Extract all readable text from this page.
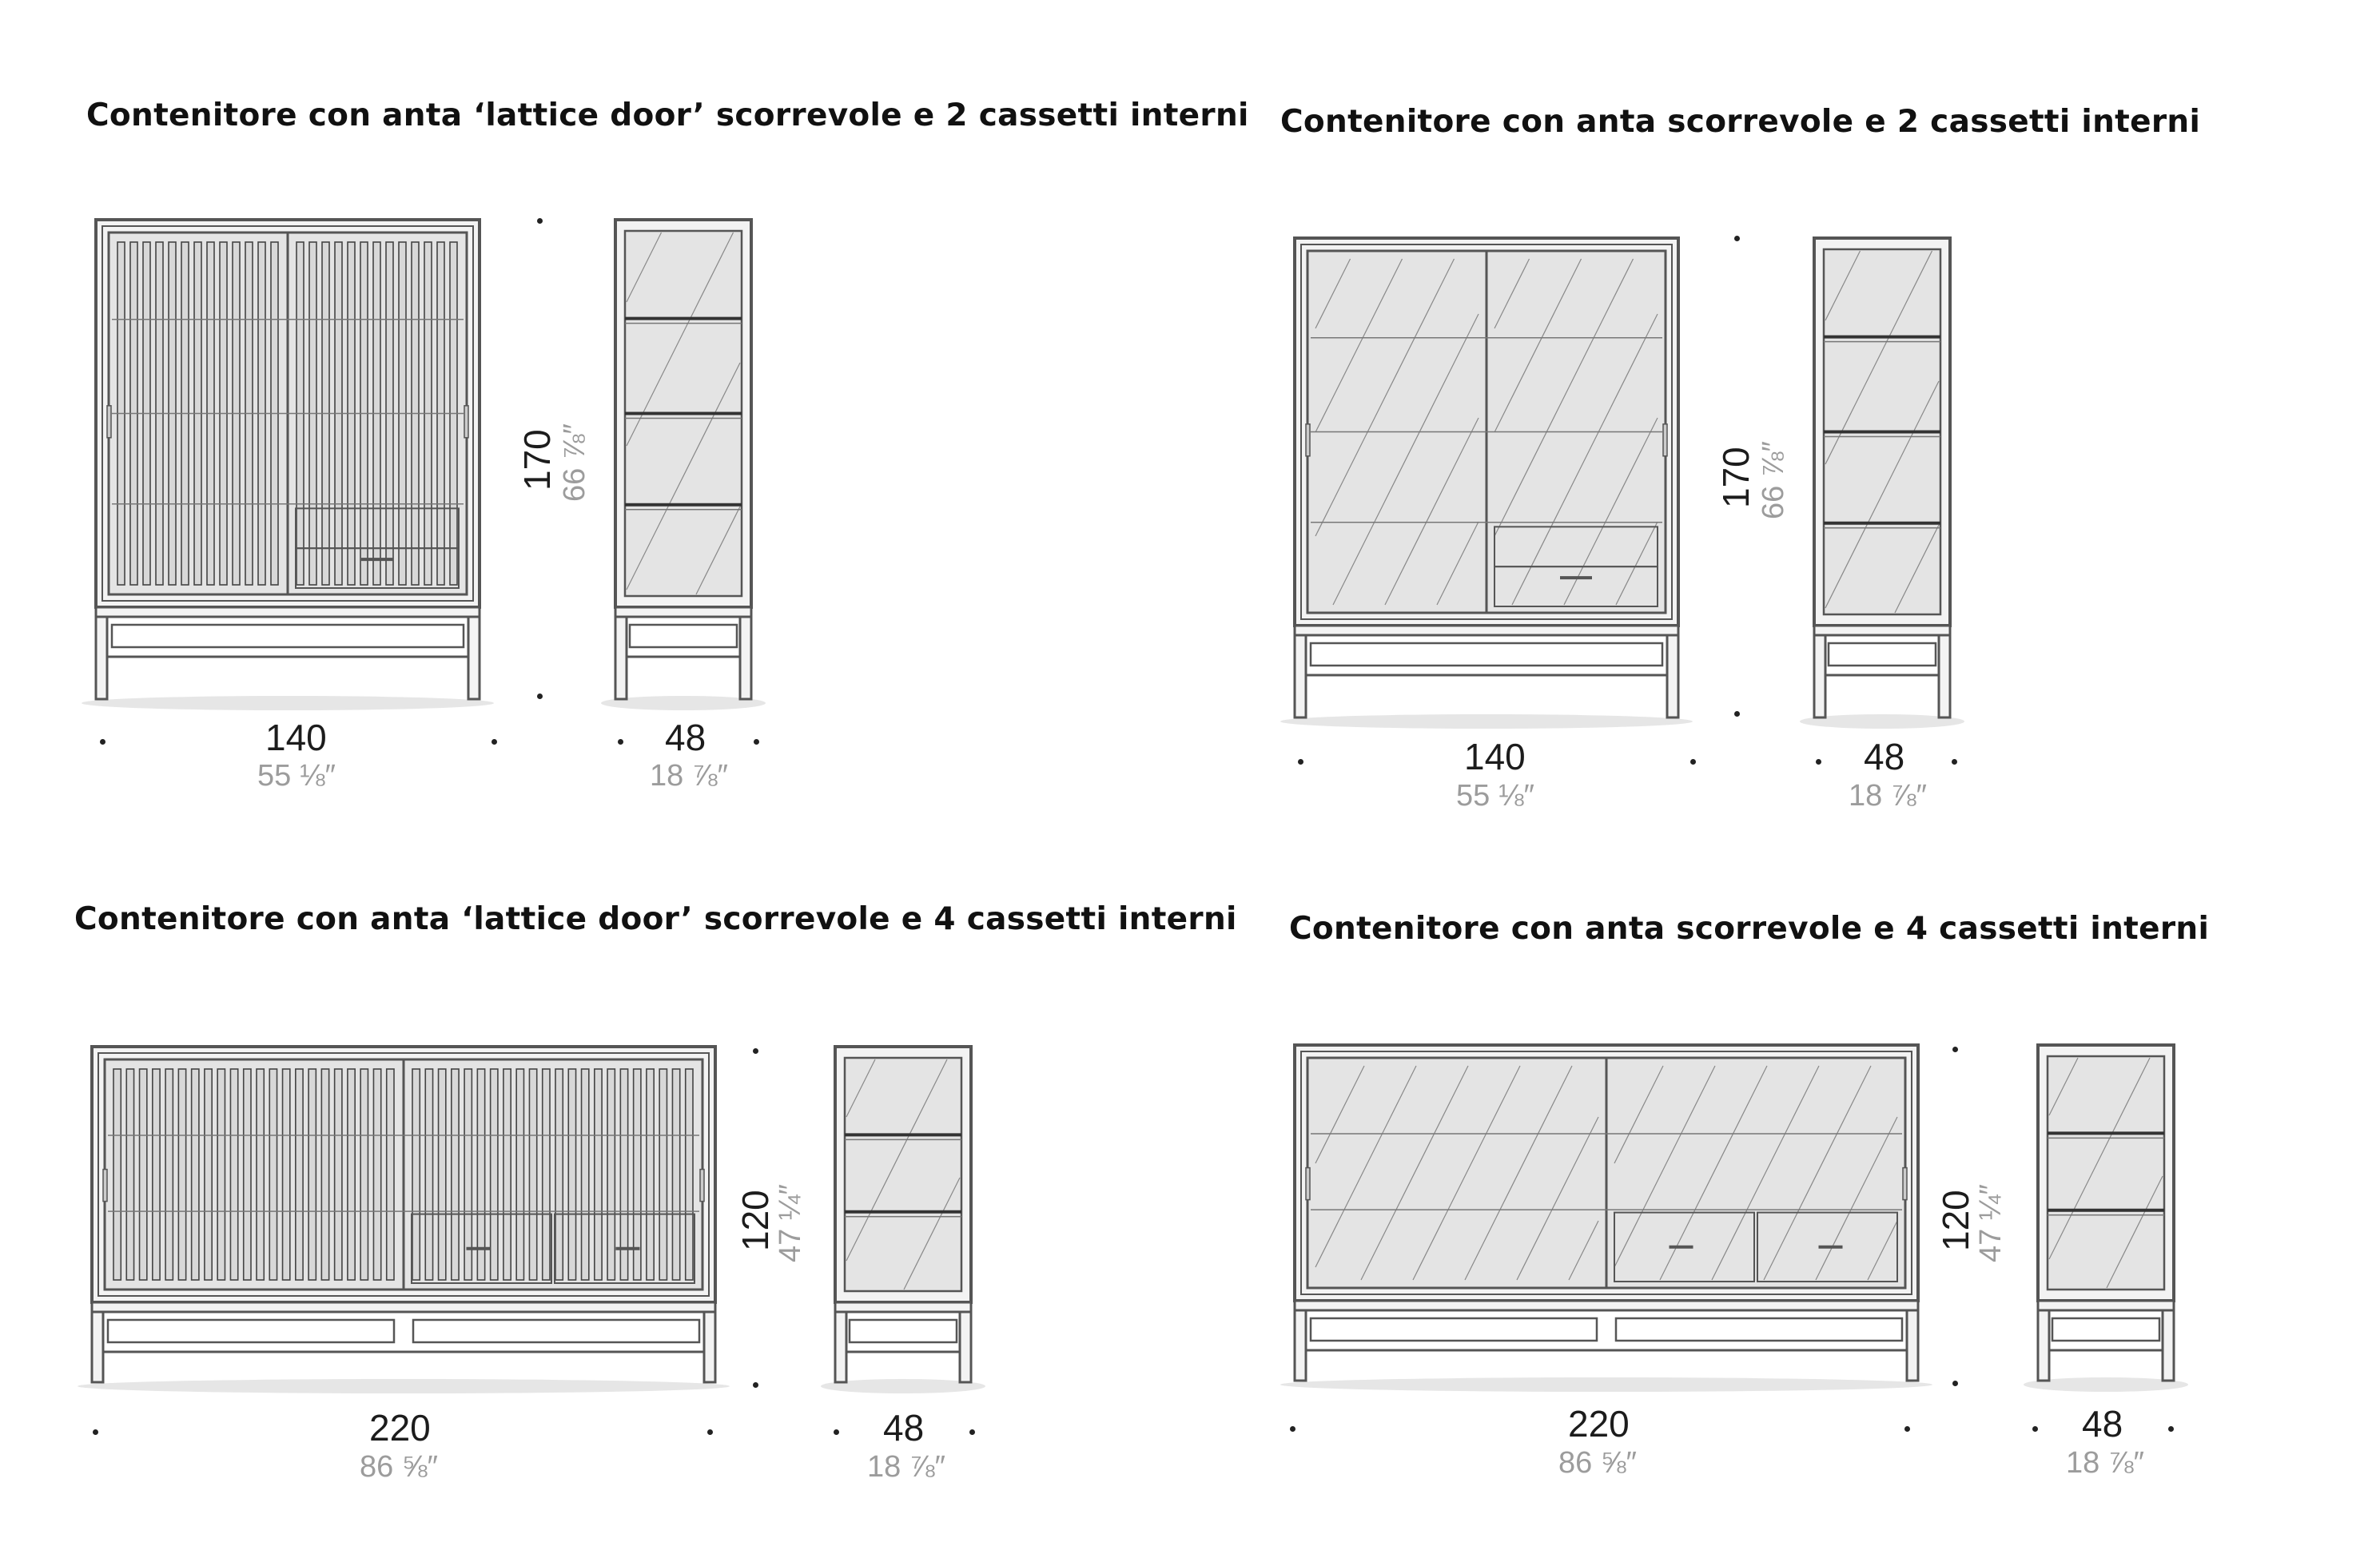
Contenitore con anta ‘lattice door’ scorrevole e 2 cassetti interni
140
55 ⅛″
48
18 ⅞″
170 66 ⅞″
Contenitore con anta scorrevole e 2 cassetti interni
140
55 ⅛″
48
18 ⅞″
170 66 ⅞″
Contenitore con anta ‘lattice door’ scorrevole e 4 cassetti interni
220
86 ⅝″
48
18 ⅞″
120
47 ¼″
Contenitore con anta scorrevole e 4 cassetti interni
220
86 ⅝″
48
18 ⅞″
120
47 ¼″
